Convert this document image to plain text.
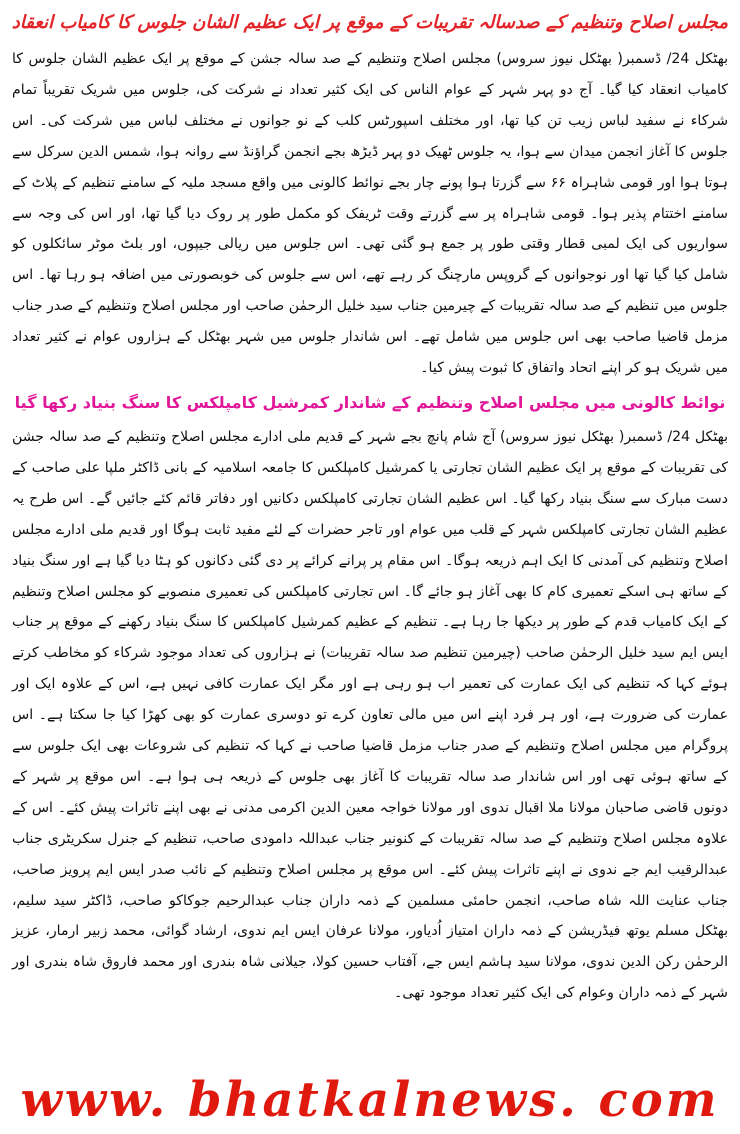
مجلس اصلاح وتنظیم کے صدسالہ تقریبات کے موقع پر ایک عظیم الشان جلوس کا کامیاب انعقاد

بھٹکل 24/ ڈسمبر( بھٹکل نیوز سروس) مجلس اصلاح وتنظیم کے صد سالہ جشن کے موقع پر ایک عظیم الشان جلوس کا کامیاب انعقاد کیا گیا۔ آج دو پہر شہر کے عوام الناس کی ایک کثیر تعداد نے شرکت کی، جلوس میں شریک تقریباً تمام شرکاء نے سفید لباس زیب تن کیا تھا، اور مختلف اسپورٹس کلب کے نو جوانوں نے مختلف لباس میں شرکت کی۔ اس جلوس کا آغاز انجمن میدان سے ہوا، یہ جلوس ٹھیک دو پہر ڈیڑھ بجے انجمن گراؤنڈ سے روانہ ہوا، شمس الدین سرکل سے ہوتا ہوا اور قومی شاہراہ ۶۶ سے گزرتا ہوا پونے چار بجے نوائط کالونی میں واقع مسجد ملیہ کے سامنے تنظیم کے پلاٹ کے سامنے اختتام پذیر ہوا۔ قومی شاہراہ پر سے گزرتے وقت ٹریفک کو مکمل طور پر روک دیا گیا تھا، اور اس کی وجہ سے سواریوں کی ایک لمبی قطار وقتی طور پر جمع ہو گئی تھی۔ اس جلوس میں ریالی جیپوں، اور بلٹ موٹر سائکلوں کو شامل کیا گیا تھا اور نوجوانوں کے گروپس مارچنگ کر رہے تھے، اس سے جلوس کی خوبصورتی میں اضافہ ہو رہا تھا۔ اس جلوس میں تنظیم کے صد سالہ تقریبات کے چیرمین جناب سید خلیل الرحمٰن صاحب اور مجلس اصلاح وتنظیم کے صدر جناب مزمل قاضیا صاحب بھی اس جلوس میں شامل تھے۔ اس شاندار جلوس میں شہر بھٹکل کے ہزاروں عوام نے کثیر تعداد میں شریک ہو کر اپنے اتحاد واتفاق کا ثبوت پیش کیا۔

نوائط کالونی میں مجلس اصلاح وتنظیم کے شاندار کمرشیل کامپلکس کا سنگ بنیاد رکھا گیا

بھٹکل 24/ ڈسمبر( بھٹکل نیوز سروس) آج شام پانچ بجے شہر کے قدیم ملی ادارے مجلس اصلاح وتنظیم کے صد سالہ جشن کی تقریبات کے موقع پر ایک عظیم الشان تجارتی یا کمرشیل کامپلکس کا جامعہ اسلامیہ کے بانی ڈاکٹر ملپا علی صاحب کے دست مبارک سے سنگ بنیاد رکھا گیا۔ اس عظیم الشان تجارتی کامپلکس دکانیں اور دفاتر قائم کئے جائیں گے۔ اس طرح یہ عظیم الشان تجارتی کامپلکس شہر کے قلب میں عوام اور تاجر حضرات کے لئے مفید ثابت ہوگا اور قدیم ملی ادارے مجلس اصلاح وتنظیم کی آمدنی کا ایک اہم ذریعہ ہوگا۔ اس مقام پر پرانے کرائے پر دی گئی دکانوں کو ہٹا دیا گیا ہے اور سنگ بنیاد کے ساتھ ہی اسکے تعمیری کام کا بھی آغاز ہو جائے گا۔ اس تجارتی کامپلکس کی تعمیری منصوبے کو مجلس اصلاح وتنظیم کے ایک کامیاب قدم کے طور پر دیکھا جا رہا ہے۔ تنظیم کے عظیم کمرشیل کامپلکس کا سنگ بنیاد رکھنے کے موقع پر جناب ایس ایم سید خلیل الرحمٰن صاحب (چیرمین تنظیم صد سالہ تقریبات) نے ہزاروں کی تعداد موجود شرکاء کو مخاطب کرتے ہوئے کہا کہ تنظیم کی ایک عمارت کی تعمیر اب ہو رہی ہے اور مگر ایک عمارت کافی نہیں ہے، اس کے علاوہ ایک اور عمارت کی ضرورت ہے، اور ہر فرد اپنے اس میں مالی تعاون کرے تو دوسری عمارت کو بھی کھڑا کیا جا سکتا ہے۔ اس پروگرام میں مجلس اصلاح وتنظیم کے صدر جناب مزمل قاضیا صاحب نے کہا کہ تنظیم کی شروعات بھی ایک جلوس سے کے ساتھ ہوئی تھی اور اس شاندار صد سالہ تقریبات کا آغاز بھی جلوس کے ذریعہ ہی ہوا ہے۔ اس موقع پر شہر کے دونوں قاضی صاحبان مولانا ملا اقبال ندوی اور مولانا خواجہ معین الدین اکرمی مدنی نے بھی اپنے تاثرات پیش کئے۔ اس کے علاوہ مجلس اصلاح وتنظیم کے صد سالہ تقریبات کے کنونیر جناب عبداللہ دامودی صاحب، تنظیم کے جنرل سکریٹری جناب عبدالرقیب ایم جے ندوی نے اپنے تاثرات پیش کئے۔ اس موقع پر مجلس اصلاح وتنظیم کے نائب صدر ایس ایم پرویز صاحب، جناب عنایت اللہ شاہ صاحب، انجمن حامئی مسلمین کے ذمہ داران جناب عبدالرحیم جوکاکو صاحب، ڈاکٹر سید سلیم، بھٹکل مسلم یوتھ فیڈریشن کے ذمہ داران امتیاز اُدیاور، مولانا عرفان ایس ایم ندوی، ارشاد گوائی، محمد زبیر ارمار، عزیز الرحمٰن رکن الدین ندوی، مولانا سید ہاشم ایس جے، آفتاب حسین کولا، جیلانی شاہ بندری اور محمد فاروق شاہ بندری اور شہر کے ذمہ داران وعوام کی ایک کثیر تعداد موجود تھی۔

www. bhatkalnews. com
